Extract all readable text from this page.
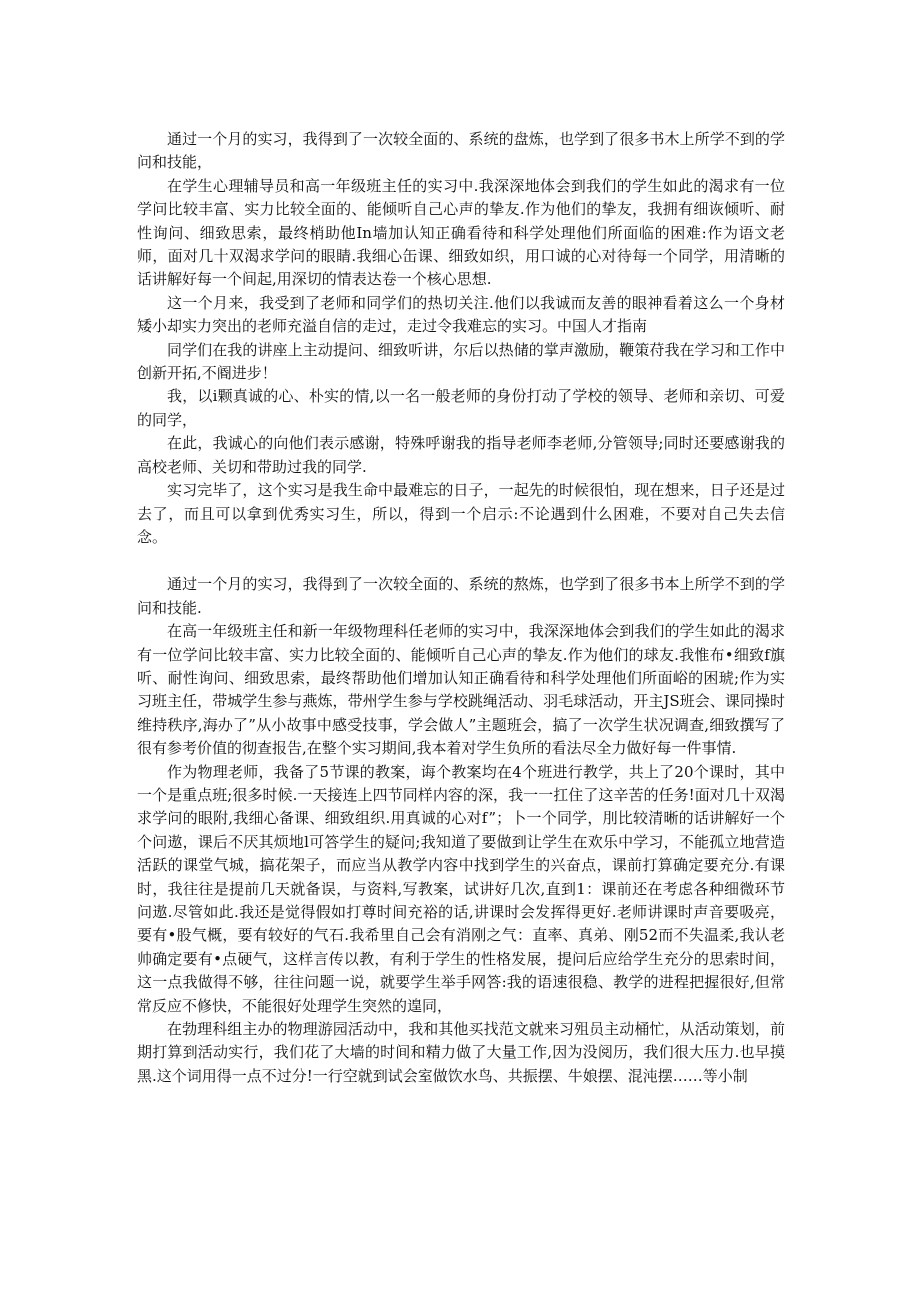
通过一个月的实习，我得到了一次较全面的、系统的盘炼，也学到了很多书木上所学不到的学问和技能，

在学生心理辅导员和高一年级班主任的实习中.我深深地体会到我们的学生如此的渴求有一位学问比较丰富、实力比较全面的、能倾听自己心声的挚友.作为他们的挚友，我拥有细诙倾听、耐性询问、细致思索，最终梢助他In墙加认知正确看待和科学处理他们所面临的困难:作为语文老师，面对几十双渴求学问的眼睛.我细心缶课、细致如织，用口诚的心对待每一个同学，用清晰的话讲解好每一个间起,用深切的情表达卷一个核心思想.

这一个月来，我受到了老师和同学们的热切关注.他们以我诚而友善的眼神看着这么一个身材矮小却实力突出的老师充溢自信的走过，走过令我难忘的实习。中国人才指南

同学们在我的讲座上主动提问、细致听讲，尔后以热储的掌声激励，鞭策苻我在学习和工作中创新开拓,不阍进步！

我，以i颗真诚的心、朴实的情,以一名一般老师的身份打动了学校的领导、老师和亲切、可爱的同学，

在此，我诚心的向他们表示感谢，特殊呼谢我的指导老师李老师,分管领导;同时还要感谢我的高校老师、关切和带助过我的同学.

实习完毕了，这个实习是我生命中最难忘的日子，一起先的时候很怕，现在想来，日子还是过去了，而且可以拿到优秀实习生，所以，得到一个启示:不论遇到什么困难，不要对自己失去信念。

通过一个月的实习，我得到了一次较全面的、系统的熬炼，也学到了很多书本上所学不到的学问和技能.

在高一年级班主任和新一年级物理科任老师的实习中，我深深地体会到我们的学生如此的渴求有一位学问比较丰富、实力比较全面的、能倾听自己心声的挚友.作为他们的球友.我惟布•细致f旗听、耐性询问、细致思索，最终帮助他们增加认知正确看待和科学处理他们所面峪的困琥;作为实习班主任，带城学生参与燕炼，带州学生参与学校跳绳活动、羽毛球活动，开主JS班会、课同操时维持秩序,海办了”从小故事中感受技事，学会做人”主题班会，搞了一次学生状况调查,细致撰写了很有参考价值的彻查报告,在整个实习期间,我本着对学生负所的看法尽全力做好每一件事情.

作为物理老师，我备了5节课的教案，诲个教案均在4个班进行教学，共上了20个课时，其中一个是重点班;很多时候.一天接连上四节同样内容的深，我一一扛住了这辛苦的任务!面对几十双渴求学问的眼附,我细心备课、细致组织.用真诚的心对f”；卜一个同学，刖比较清晰的话讲解好一个个问遨，课后不厌其烦地l可答学生的疑问;我知道了要做到让学生在欢乐中学习，不能孤立地营造活跃的课堂气城，搞花架子，而应当从教学内容中找到学生的兴奋点，课前打算确定要充分.有课时，我往往是提前几天就备误，与资料,写教案，试讲好几次,直到1：课前还在考虑各种细微环节问遨.尽管如此.我还是觉得假如打尊时间充裕的话,讲课时会发挥得更好.老师讲课时声音要吸亮，要有•股气概，要有较好的气石.我希里自己会有消刚之气：直率、真弟、刚52而不失温柔,我认老帅确定要有•点硬气，这样言传以教，有利于学生的性格发展，提问后应给学生充分的思索时间，这一点我做得不够，往往问题一说，就要学生举手网答:我的语速很稳、教学的进程把握很好,但常常反应不修快，不能很好处理学生突然的遑同，

在勃理科组主办的物理游园活动中，我和其他买找范文就来习殂员主动桶忙，从活动策划，前期打算到活动实行，我们花了大墙的时间和精力做了大量工作,因为没阅历，我们很大压力.也早摸黑.这个词用得一点不过分!一行空就到试会室做饮水鸟、共振摆、牛娘摆、混沌摆……等小制
